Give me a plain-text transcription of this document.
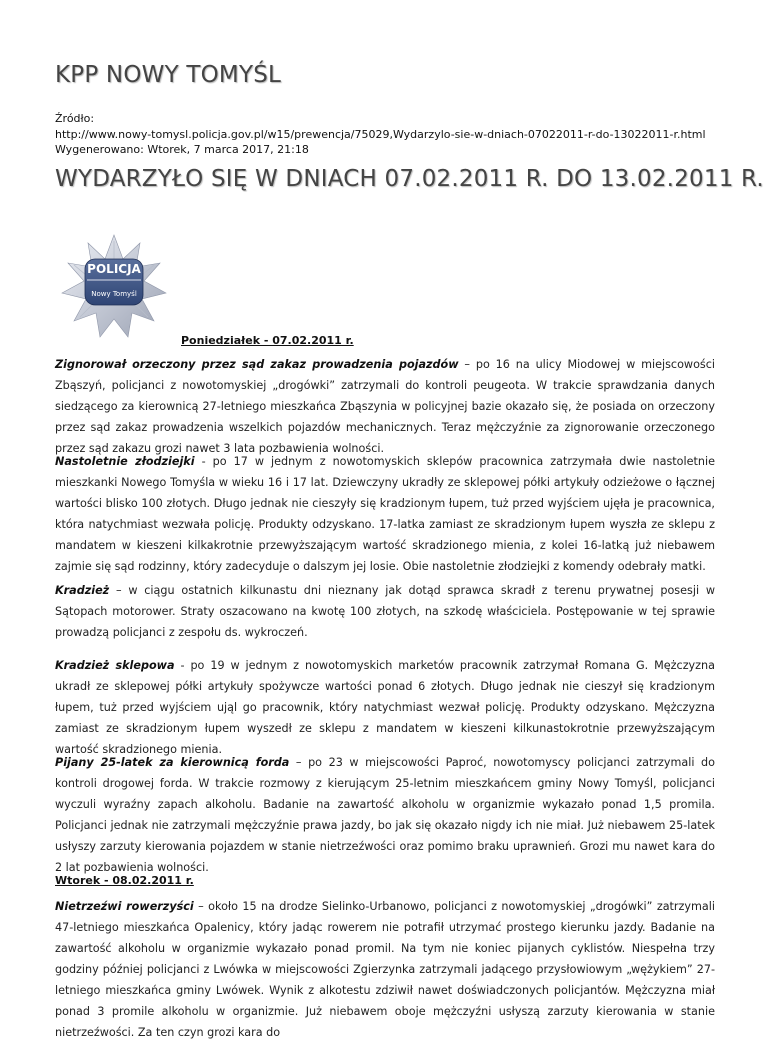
KPP NOWY TOMYŚL
Źródło:
http://www.nowy-tomysl.policja.gov.pl/w15/prewencja/75029,Wydarzylo-sie-w-dniach-07022011-r-do-13022011-r.html
Wygenerowano: Wtorek, 7 marca 2017, 21:18
WYDARZYŁO SIĘ W DNIACH 07.02.2011 R. DO 13.02.2011 R.
POLICJA
Nowy Tomyśl
Poniedziałek - 07.02.2011 r.

Zignorował orzeczony przez sąd zakaz prowadzenia pojazdów – po 16 na ulicy Miodowej w miejscowości Zbąszyń, policjanci z nowotomyskiej „drogówki” zatrzymali do kontroli peugeota. W trakcie sprawdzania danych siedzącego za kierownicą 27-letniego mieszkańca Zbąszynia w policyjnej bazie okazało się, że posiada on orzeczony przez sąd zakaz prowadzenia wszelkich pojazdów mechanicznych. Teraz mężczyźnie za zignorowanie orzeczonego przez sąd zakazu grozi nawet 3 lata pozbawienia wolności.

Nastoletnie złodziejki - po 17 w jednym z nowotomyskich sklepów pracownica zatrzymała dwie nastoletnie mieszkanki Nowego Tomyśla w wieku 16 i 17 lat. Dziewczyny ukradły ze sklepowej półki artykuły odzieżowe o łącznej wartości blisko 100 złotych. Długo jednak nie cieszyły się kradzionym łupem, tuż przed wyjściem ujęła je pracownica, która natychmiast wezwała policję. Produkty odzyskano. 17-latka zamiast ze skradzionym łupem wyszła ze sklepu z mandatem w kieszeni kilkakrotnie przewyższającym wartość skradzionego mienia, z kolei 16-latką już niebawem zajmie się sąd rodzinny, który zadecyduje o dalszym jej losie. Obie nastoletnie złodziejki z komendy odebrały matki.

Kradzież – w ciągu ostatnich kilkunastu dni nieznany jak dotąd sprawca skradł z terenu prywatnej posesji w Sątopach motorower. Straty oszacowano na kwotę 100 złotych, na szkodę właściciela. Postępowanie w tej sprawie prowadzą policjanci z zespołu ds. wykroczeń.

Kradzież sklepowa - po 19 w jednym z nowotomyskich marketów pracownik zatrzymał Romana G. Mężczyzna ukradł ze sklepowej półki artykuły spożywcze wartości ponad 6 złotych. Długo jednak nie cieszył się kradzionym łupem, tuż przed wyjściem ująl go pracownik, który natychmiast wezwał policję. Produkty odzyskano. Mężczyzna zamiast ze skradzionym łupem wyszedł ze sklepu z mandatem w kieszeni kilkunastokrotnie przewyższającym wartość skradzionego mienia.

Pijany 25-latek za kierownicą forda – po 23 w miejscowości Paproć, nowotomyscy policjanci zatrzymali do kontroli drogowej forda. W trakcie rozmowy z kierującym 25-letnim mieszkańcem gminy Nowy Tomyśl, policjanci wyczuli wyraźny zapach alkoholu. Badanie na zawartość alkoholu w organizmie wykazało ponad 1,5 promila. Policjanci jednak nie zatrzymali mężczyźnie prawa jazdy, bo jak się okazało nigdy ich nie miał. Już niebawem 25-latek usłyszy zarzuty kierowania pojazdem w stanie nietrzeźwości oraz pomimo braku uprawnień. Grozi mu nawet kara do 2 lat pozbawienia wolności.

Wtorek - 08.02.2011 r.

Nietrzeźwi rowerzyści – około 15 na drodze Sielinko-Urbanowo, policjanci z nowotomyskiej „drogówki” zatrzymali 47-letniego mieszkańca Opalenicy, który jadąc rowerem nie potrafił utrzymać prostego kierunku jazdy. Badanie na zawartość alkoholu w organizmie wykazało ponad promil. Na tym nie koniec pijanych cyklistów. Niespełna trzy godziny później policjanci z Lwówka w miejscowości Zgierzynka zatrzymali jadącego przysłowiowym „wężykiem” 27-letniego mieszkańca gminy Lwówek. Wynik z alkotestu zdziwił nawet doświadczonych policjantów. Mężczyzna miał ponad 3 promile alkoholu w organizmie. Już niebawem oboje mężczyźni usłyszą zarzuty kierowania w stanie nietrzeźwości. Za ten czyn grozi kara do
